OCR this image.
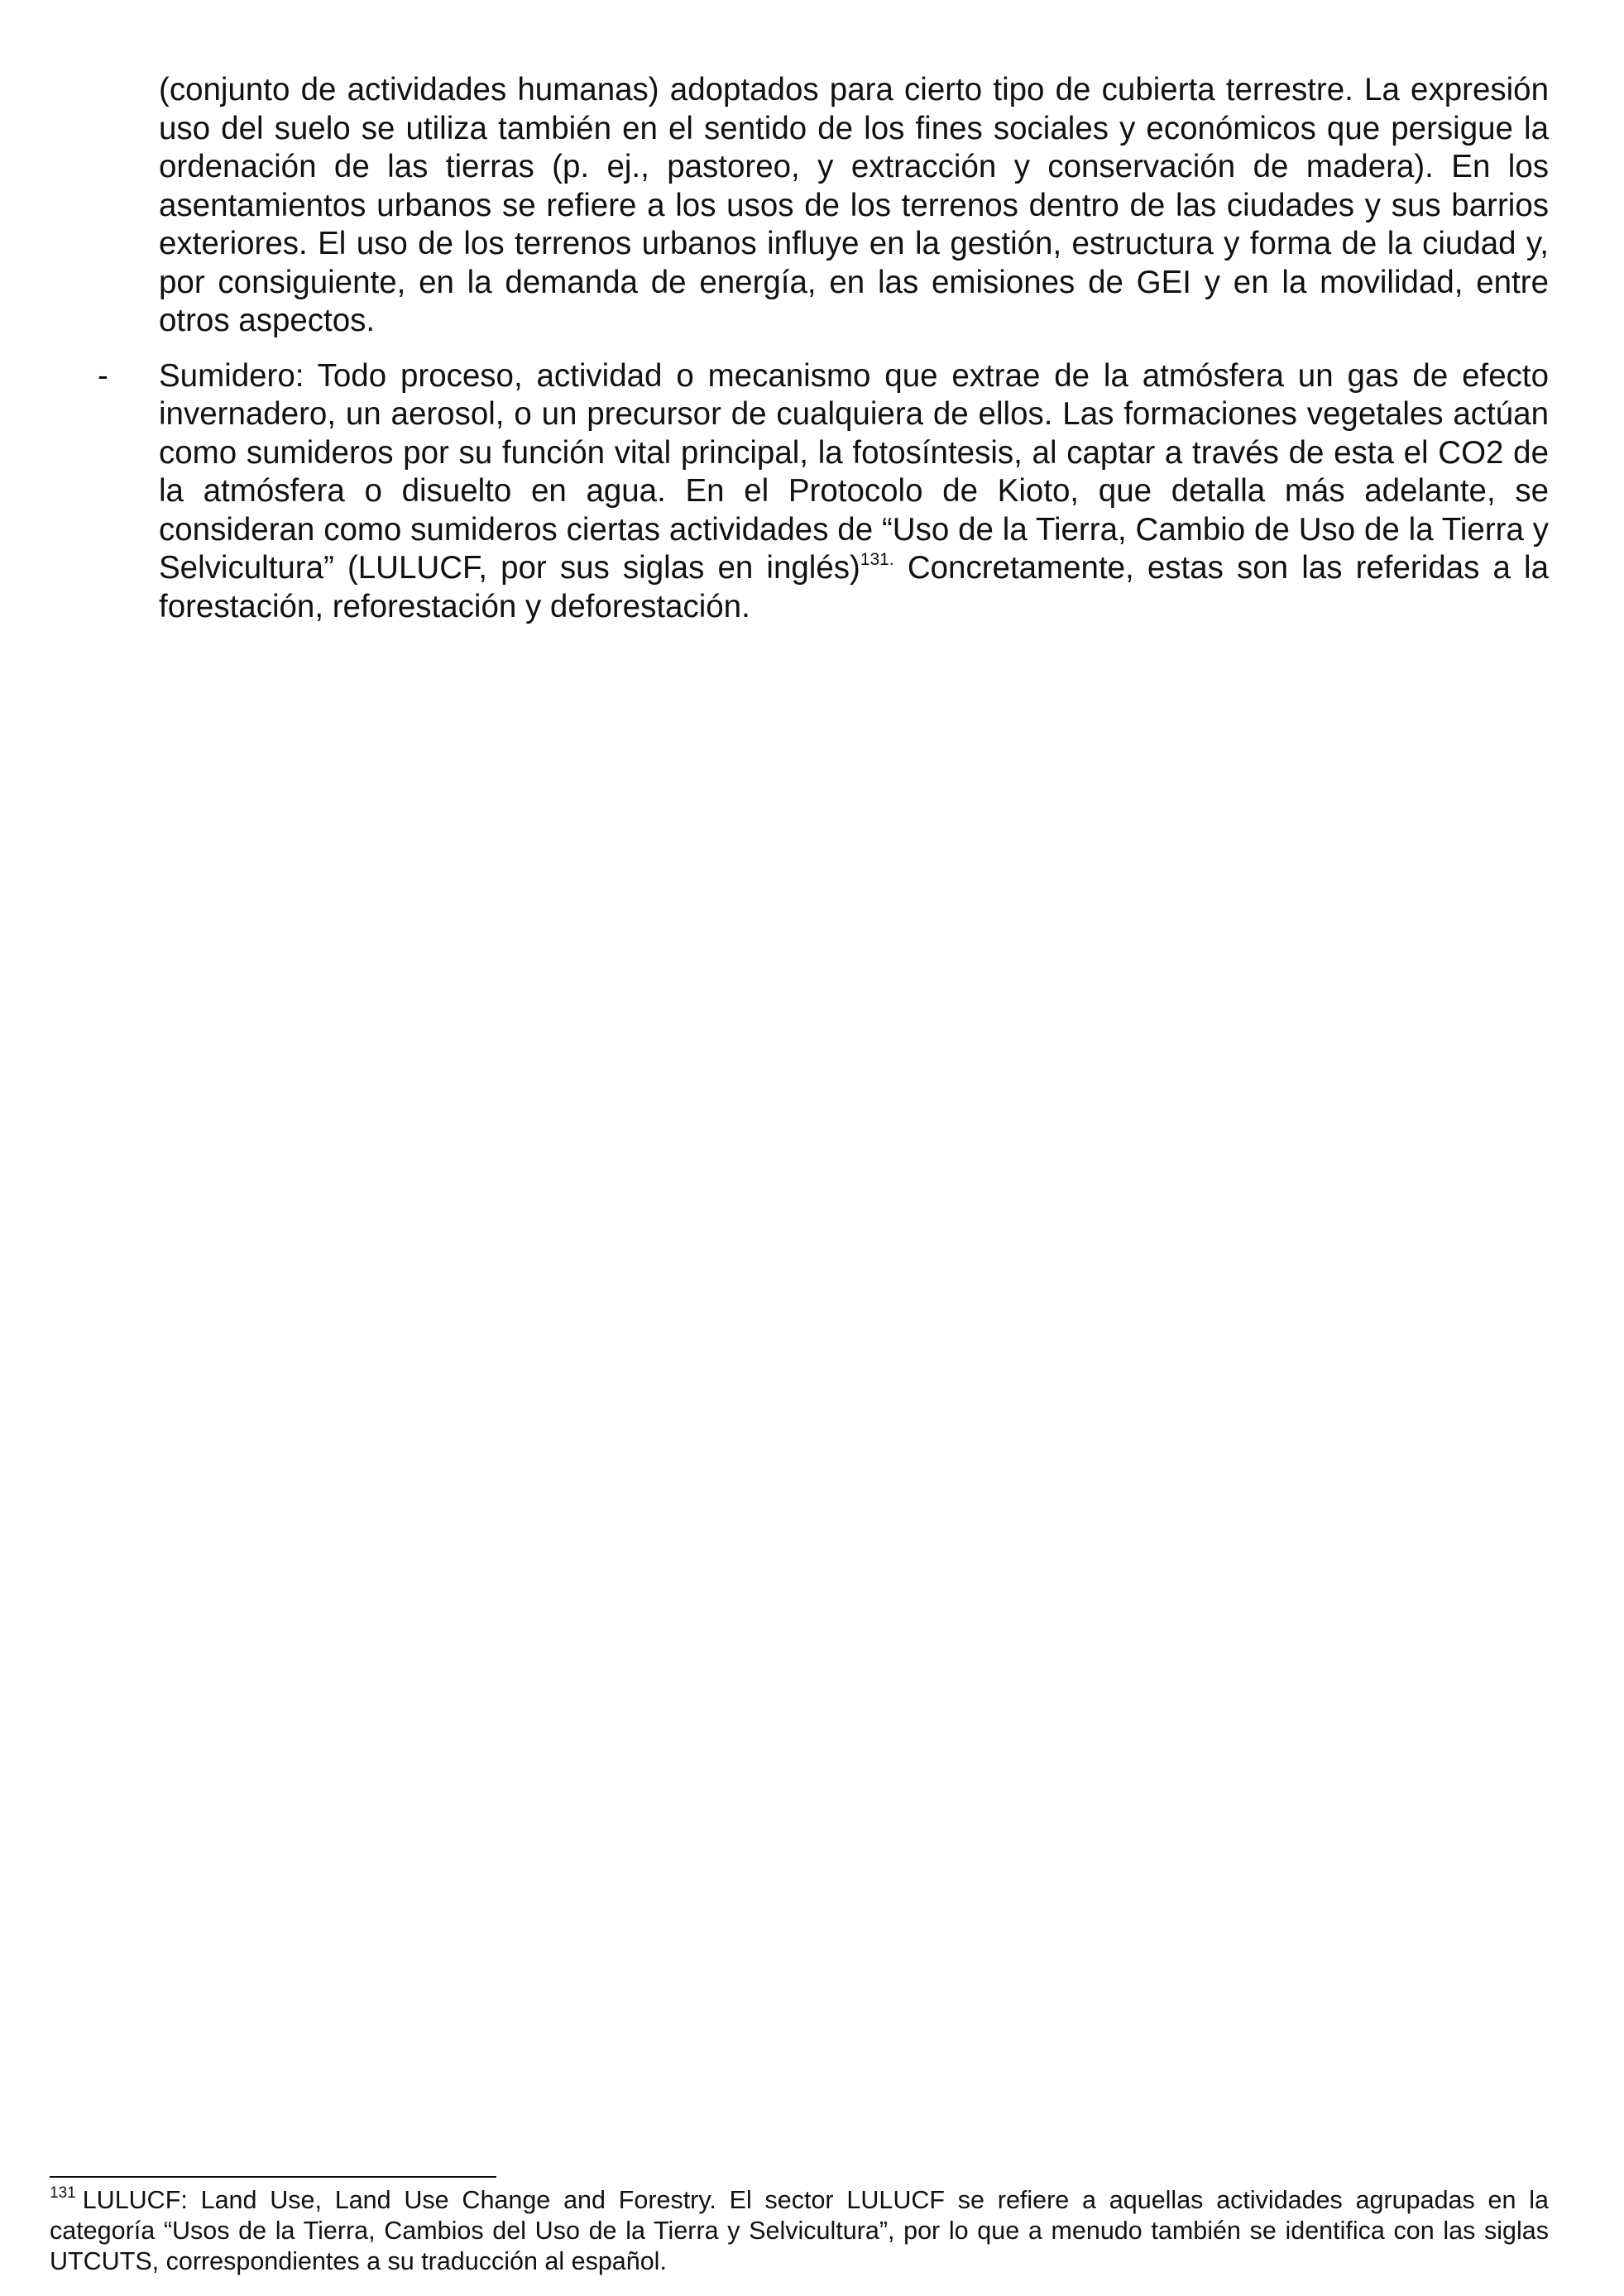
(conjunto de actividades humanas) adoptados para cierto tipo de cubierta terrestre. La expresión uso del suelo se utiliza también en el sentido de los fines sociales y económicos que persigue la ordenación de las tierras (p. ej., pastoreo, y extracción y conservación de madera). En los asentamientos urbanos se refiere a los usos de los terrenos dentro de las ciudades y sus barrios exteriores. El uso de los terrenos urbanos influye en la gestión, estructura y forma de la ciudad y, por consiguiente, en la demanda de energía, en las emisiones de GEI y en la movilidad, entre otros aspectos.

- Sumidero: Todo proceso, actividad o mecanismo que extrae de la atmósfera un gas de efecto invernadero, un aerosol, o un precursor de cualquiera de ellos. Las formaciones vegetales actúan como sumideros por su función vital principal, la fotosíntesis, al captar a través de esta el CO2 de la atmósfera o disuelto en agua. En el Protocolo de Kioto, que detalla más adelante, se consideran como sumideros ciertas actividades de “Uso de la Tierra, Cambio de Uso de la Tierra y Selvicultura” (LULUCF, por sus siglas en inglés)$^{131.}$ Concretamente, estas son las referidas a la forestación, reforestación y deforestación.

$^{131}$ LULUCF: Land Use, Land Use Change and Forestry. El sector LULUCF se refiere a aquellas actividades agrupadas en la categoría “Usos de la Tierra, Cambios del Uso de la Tierra y Selvicultura”, por lo que a menudo también se identifica con las siglas UTCUTS, correspondientes a su traducción al español.
